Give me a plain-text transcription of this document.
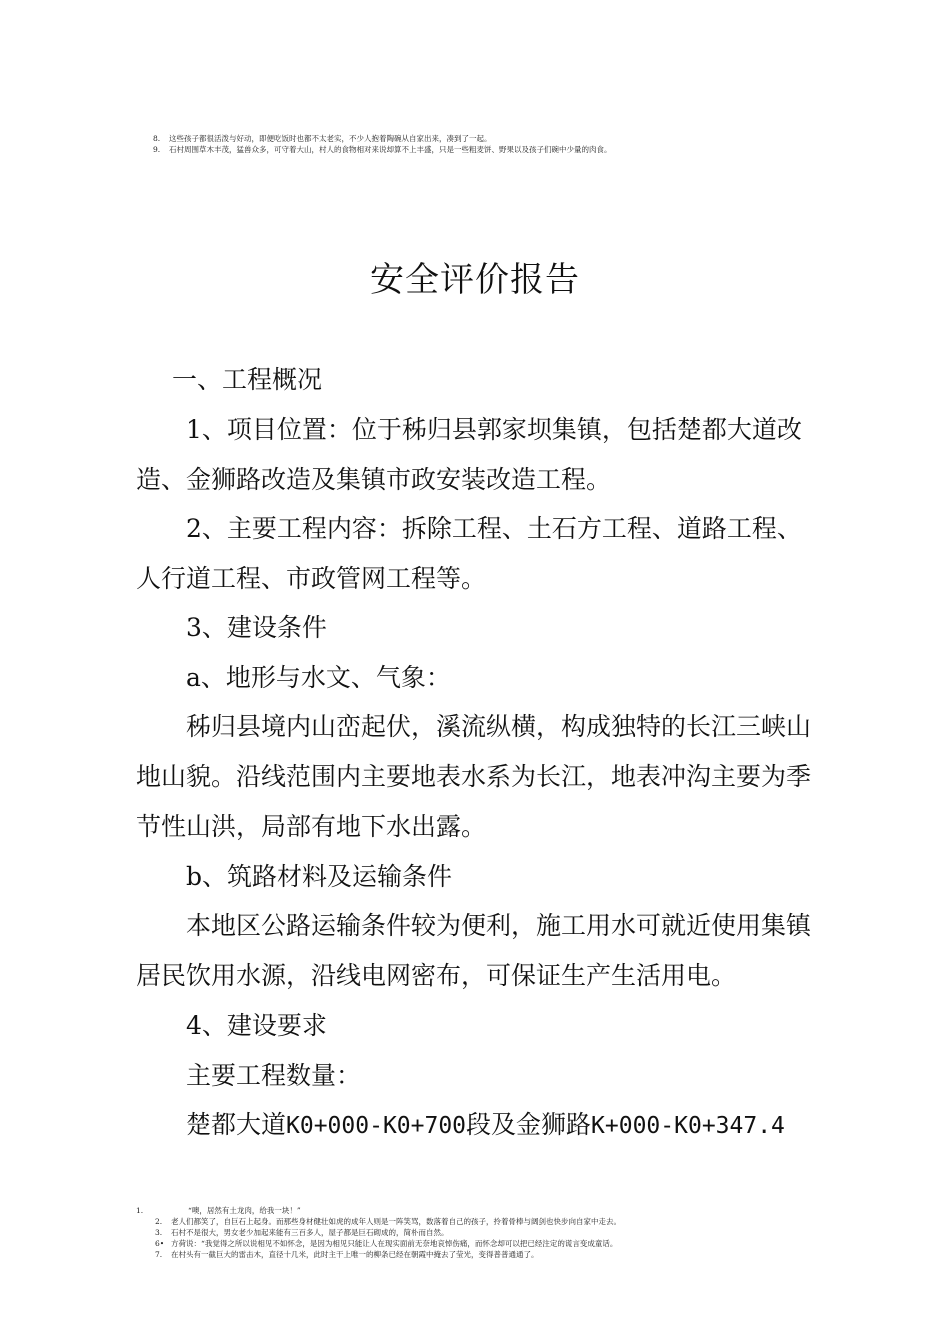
8. 这些孩子都很活泼与好动，即便吃饭时也都不太老实，不少人抱着陶碗从自家出来，凑到了一起。
9. 石村周围草木丰茂，猛兽众多，可守着大山，村人的食物相对来说却算不上丰盛，只是一些粗麦饼、野果以及孩子们碗中少量的肉食。
安全评价报告
一、工程概况
1、项目位置：位于秭归县郭家坝集镇，包括楚都大道改
造、金狮路改造及集镇市政安装改造工程。
2、主要工程内容：拆除工程、土石方工程、道路工程、
人行道工程、市政管网工程等。
3、建设条件
a、地形与水文、气象：
秭归县境内山峦起伏，溪流纵横，构成独特的长江三峡山
地山貌。沿线范围内主要地表水系为长江，地表冲沟主要为季
节性山洪，局部有地下水出露。
b、筑路材料及运输条件
本地区公路运输条件较为便利，施工用水可就近使用集镇
居民饮用水源，沿线电网密布，可保证生产生活用电。
4、建设要求
主要工程数量：
楚都大道K0+000-K0+700段及金狮路K+000-K0+347.4
1.	“噢，居然有土龙肉，给我一块！”
2. 老人们都笑了，自巨石上起身。而那些身材健壮如虎的成年人则是一阵笑骂，数落着自己的孩子，拎着骨棒与阔剑也快步向自家中走去。
3. 石村不是很大，男女老少加起来能有三百多人，屋子都是巨石砌成的，简朴而自然。
6• 方荷说：“我觉得之所以说相见不如怀念，是因为相见只能让人在现实面前无奈地哀悼伤痛，而怀念却可以把已经注定的谎言变成童话。
7. 在村头有一截巨大的雷击木，直径十几米，此时主干上唯一的柳条已经在朝霞中掩去了莹光，变得普普通通了。
